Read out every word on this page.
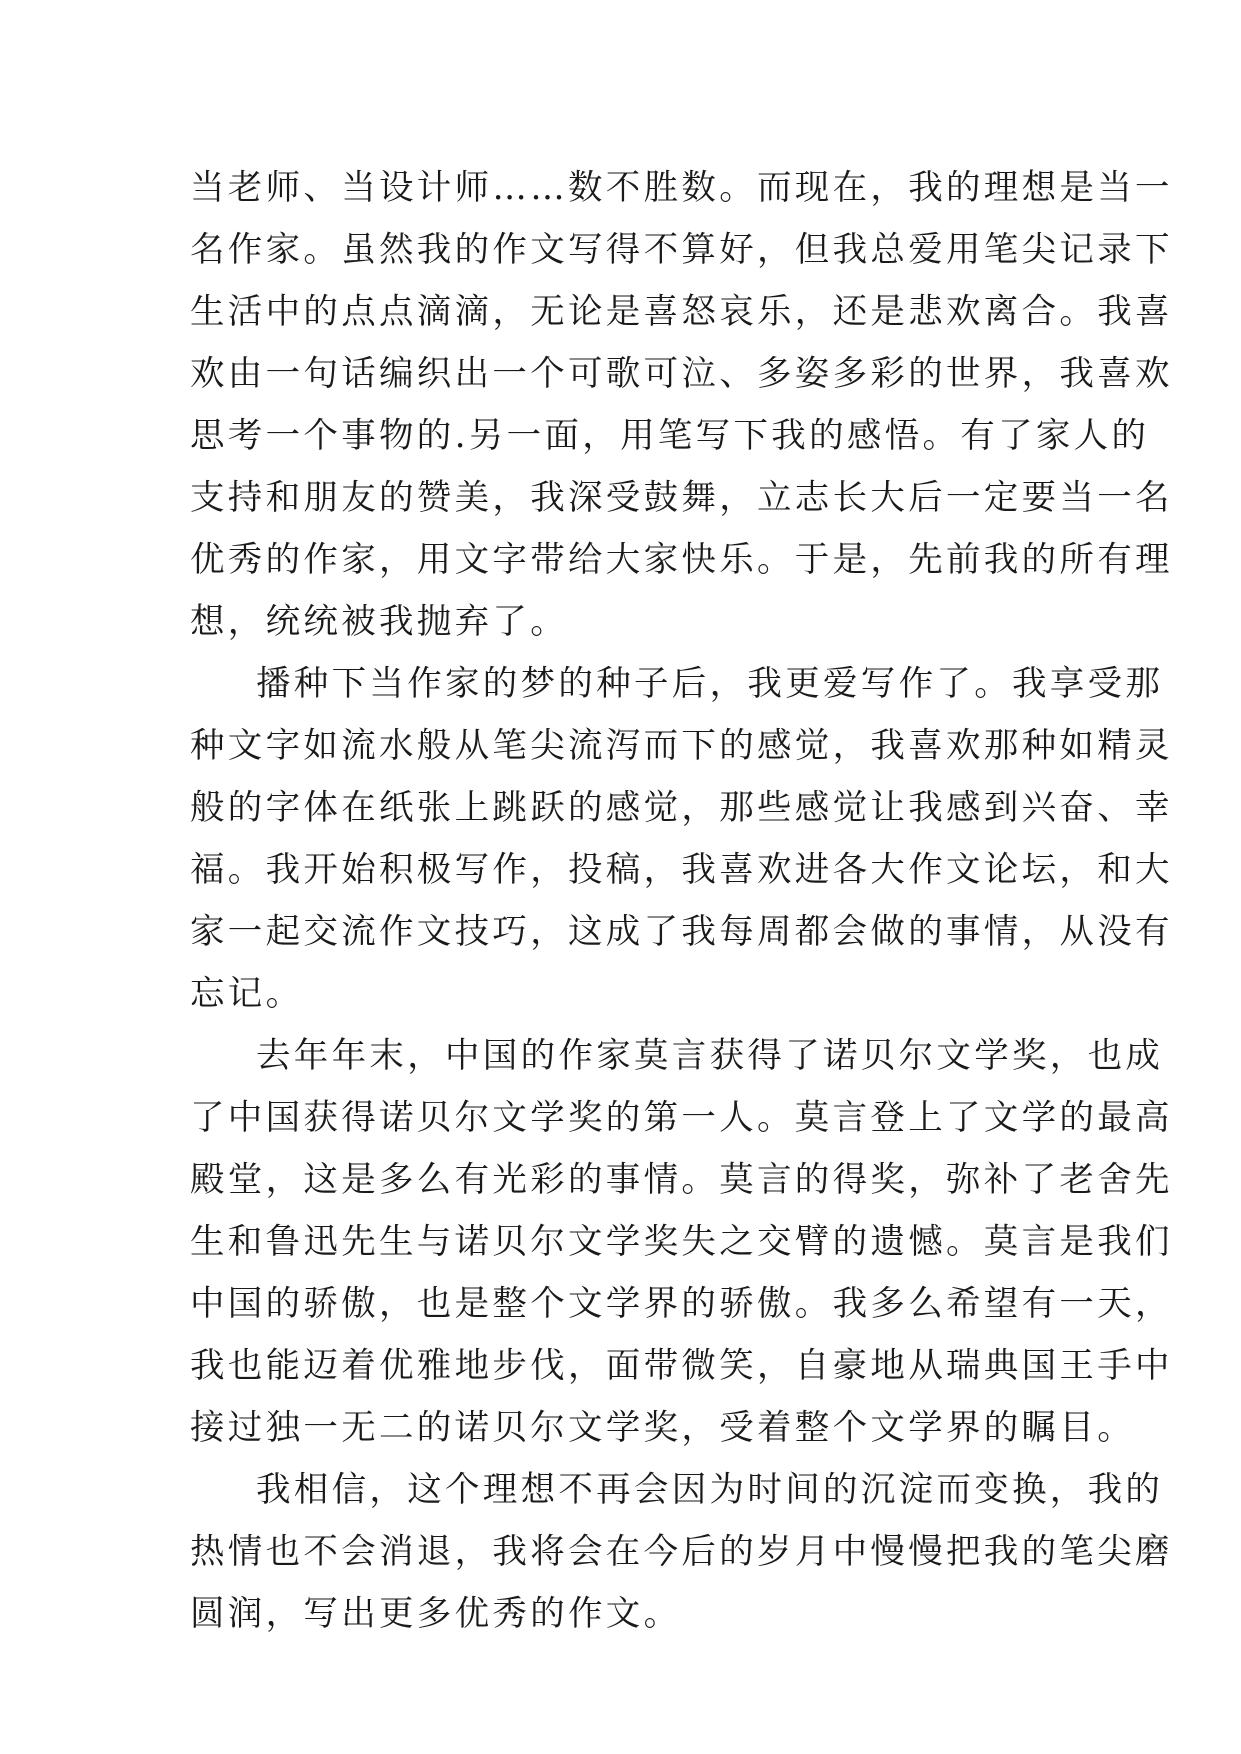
当老师、当设计师……数不胜数。而现在，我的理想是当一
名作家。虽然我的作文写得不算好，但我总爱用笔尖记录下
生活中的点点滴滴，无论是喜怒哀乐，还是悲欢离合。我喜
欢由一句话编织出一个可歌可泣、多姿多彩的世界，我喜欢
思考一个事物的.另一面，用笔写下我的感悟。有了家人的
支持和朋友的赞美，我深受鼓舞，立志长大后一定要当一名
优秀的作家，用文字带给大家快乐。于是，先前我的所有理
想，统统被我抛弃了。
播种下当作家的梦的种子后，我更爱写作了。我享受那
种文字如流水般从笔尖流泻而下的感觉，我喜欢那种如精灵
般的字体在纸张上跳跃的感觉，那些感觉让我感到兴奋、幸
福。我开始积极写作，投稿，我喜欢进各大作文论坛，和大
家一起交流作文技巧，这成了我每周都会做的事情，从没有
忘记。
去年年末，中国的作家莫言获得了诺贝尔文学奖，也成
了中国获得诺贝尔文学奖的第一人。莫言登上了文学的最高
殿堂，这是多么有光彩的事情。莫言的得奖，弥补了老舍先
生和鲁迅先生与诺贝尔文学奖失之交臂的遗憾。莫言是我们
中国的骄傲，也是整个文学界的骄傲。我多么希望有一天，
我也能迈着优雅地步伐，面带微笑，自豪地从瑞典国王手中
接过独一无二的诺贝尔文学奖，受着整个文学界的瞩目。
我相信，这个理想不再会因为时间的沉淀而变换，我的
热情也不会消退，我将会在今后的岁月中慢慢把我的笔尖磨
圆润，写出更多优秀的作文。
